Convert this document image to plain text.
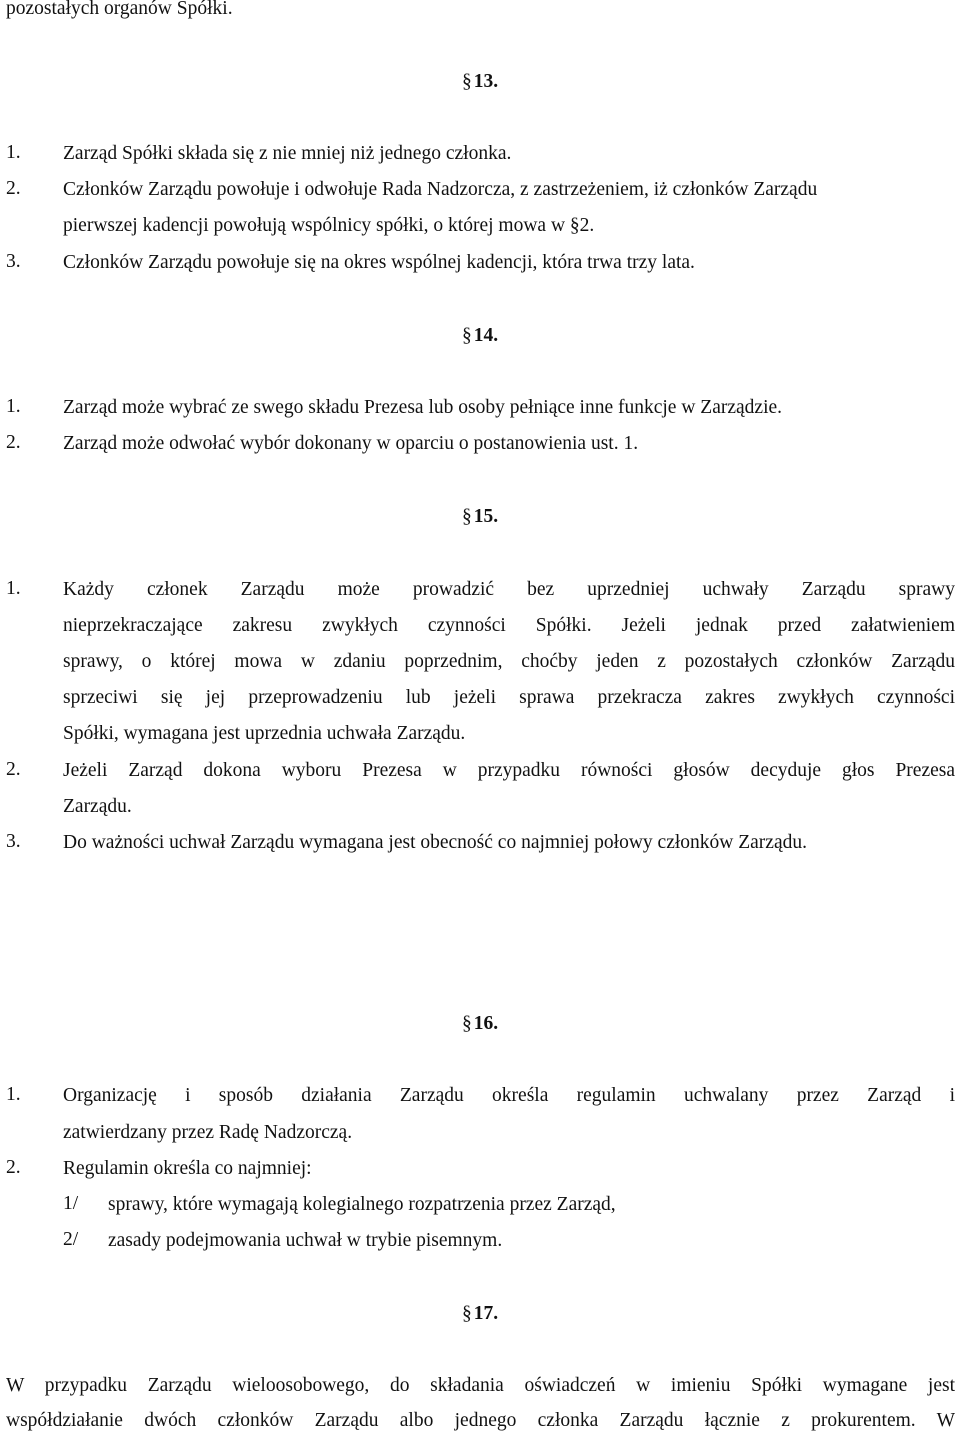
pozostałych organów Spółki.
§ 13.
1.	Zarząd Spółki składa się z nie mniej niż jednego członka.
2.	Członków Zarządu powołuje i odwołuje Rada Nadzorcza, z zastrzeżeniem, iż członków Zarządu
pierwszej kadencji powołują wspólnicy spółki, o której mowa w §2.
3.	Członków Zarządu powołuje się na okres wspólnej kadencji, która trwa trzy lata.
§ 14.
1.	Zarząd może wybrać ze swego składu Prezesa lub osoby pełniące inne funkcje w Zarządzie.
2.	Zarząd może odwołać wybór dokonany w oparciu o postanowienia ust. 1.
§ 15.
1.	Każdy członek Zarządu może prowadzić bez uprzedniej uchwały Zarządu sprawy
nieprzekraczające zakresu zwykłych czynności Spółki. Jeżeli jednak przed załatwieniem
sprawy, o której mowa w zdaniu poprzednim, choćby jeden z pozostałych członków Zarządu
sprzeciwi się jej przeprowadzeniu lub jeżeli sprawa przekracza zakres zwykłych czynności
Spółki, wymagana jest uprzednia uchwała Zarządu.
2.	Jeżeli Zarząd dokona wyboru Prezesa w przypadku równości głosów decyduje głos Prezesa
Zarządu.
3.	Do ważności uchwał Zarządu wymagana jest obecność co najmniej połowy członków Zarządu.
§ 16.
1.	Organizację i sposób działania Zarządu określa regulamin uchwalany przez Zarząd i
zatwierdzany przez Radę Nadzorczą.
2.	Regulamin określa co najmniej:
1/	sprawy, które wymagają kolegialnego rozpatrzenia przez Zarząd,
2/	zasady podejmowania uchwał w trybie pisemnym.
§ 17.
W przypadku Zarządu wieloosobowego, do składania oświadczeń w imieniu Spółki wymagane jest
współdziałanie dwóch członków Zarządu albo jednego członka Zarządu łącznie z prokurentem. W
